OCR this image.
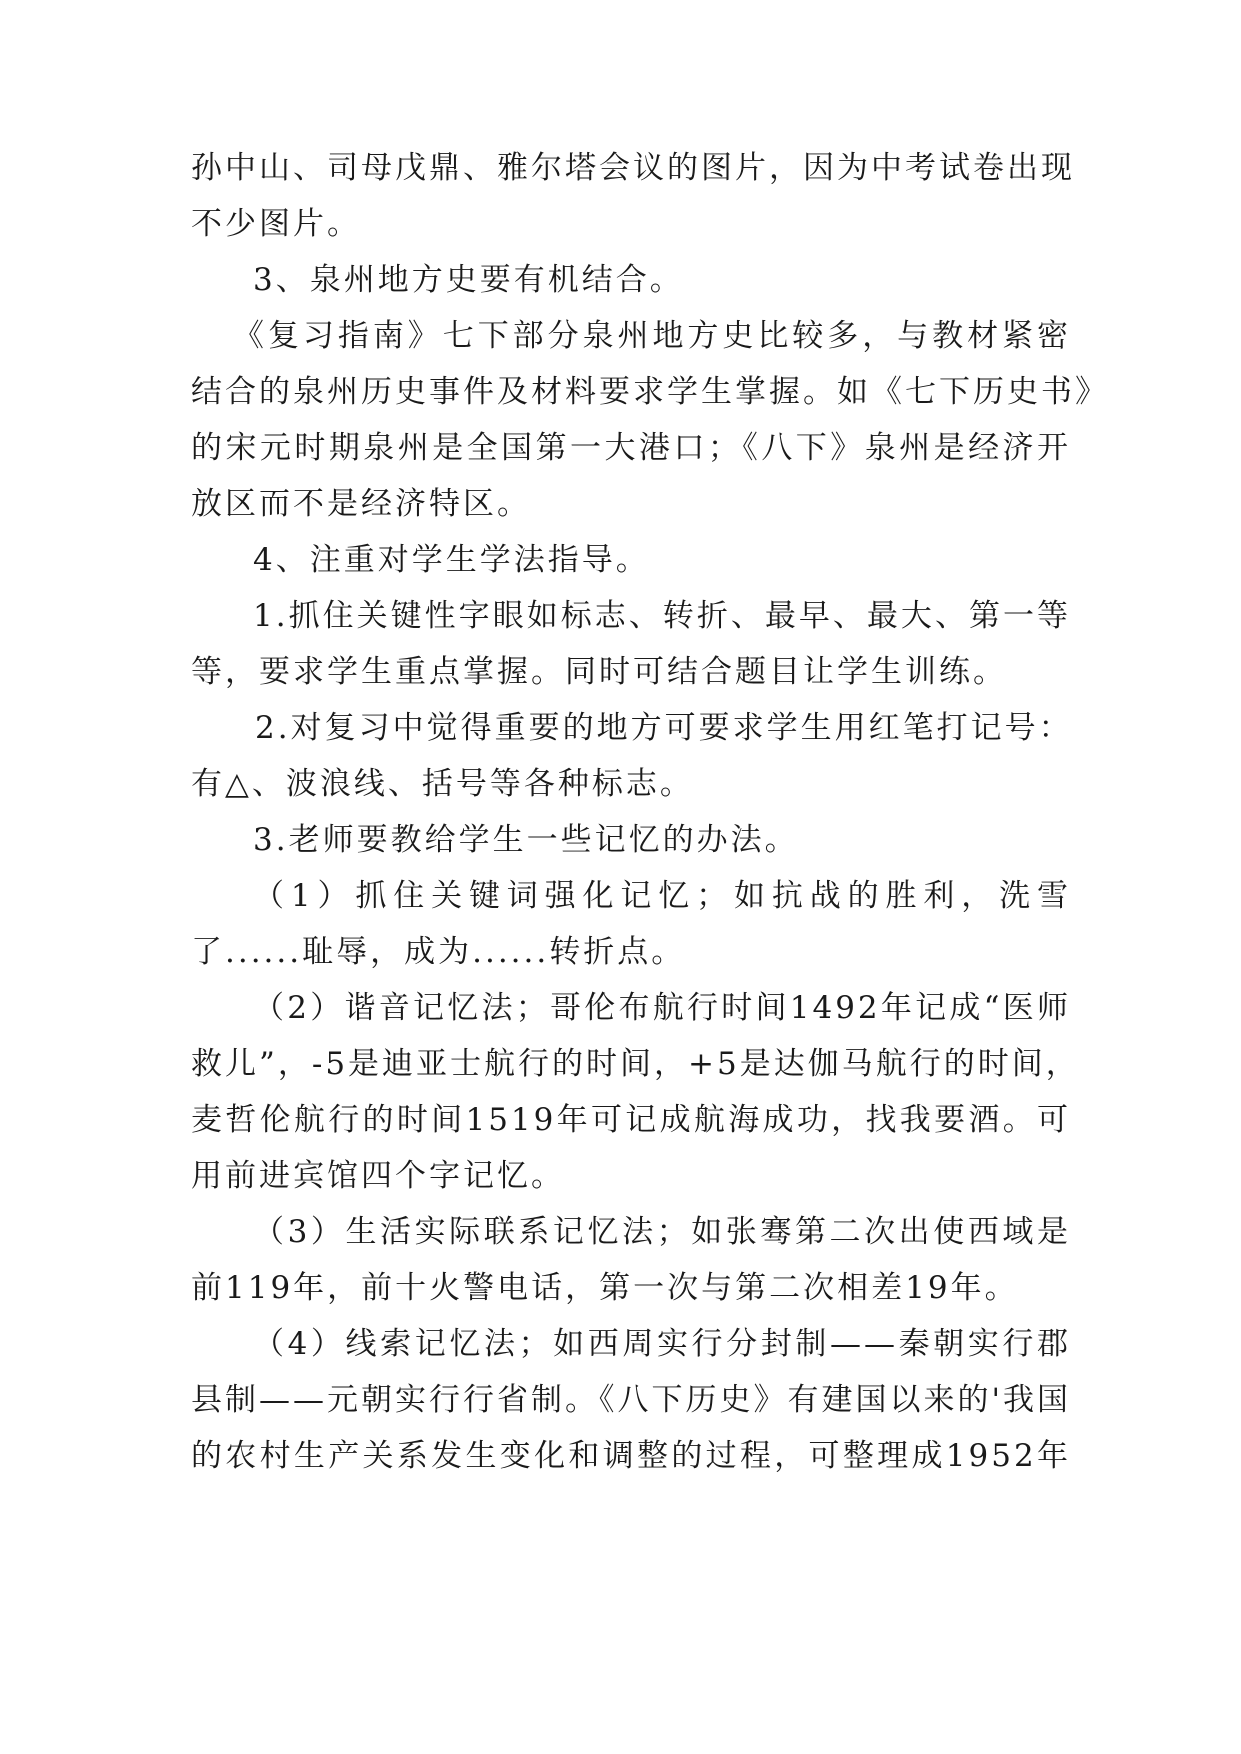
孙中山、司母戊鼎、雅尔塔会议的图片，因为中考试卷出现
不少图片。
3、泉州地方史要有机结合。
《复习指南》七下部分泉州地方史比较多，与教材紧密
结合的泉州历史事件及材料要求学生掌握。如《七下历史书》
的宋元时期泉州是全国第一大港口；《八下》泉州是经济开
放区而不是经济特区。
4、注重对学生学法指导。
1.抓住关键性字眼如标志、转折、最早、最大、第一等
等，要求学生重点掌握。同时可结合题目让学生训练。
2.对复习中觉得重要的地方可要求学生用红笔打记号：
有△、波浪线、括号等各种标志。
3.老师要教给学生一些记忆的办法。
（1）抓住关键词强化记忆；如抗战的胜利，洗雪
了......耻辱，成为......转折点。
（2）谐音记忆法；哥伦布航行时间1492年记成“医师
救儿”，-5是迪亚士航行的时间，+5是达伽马航行的时间，
麦哲伦航行的时间1519年可记成航海成功，找我要酒。可
用前进宾馆四个字记忆。
（3）生活实际联系记忆法；如张骞第二次出使西域是
前119年，前十火警电话，第一次与第二次相差19年。
（4）线索记忆法；如西周实行分封制——秦朝实行郡
县制——元朝实行行省制。《八下历史》有建国以来的'我国
的农村生产关系发生变化和调整的过程，可整理成1952年
